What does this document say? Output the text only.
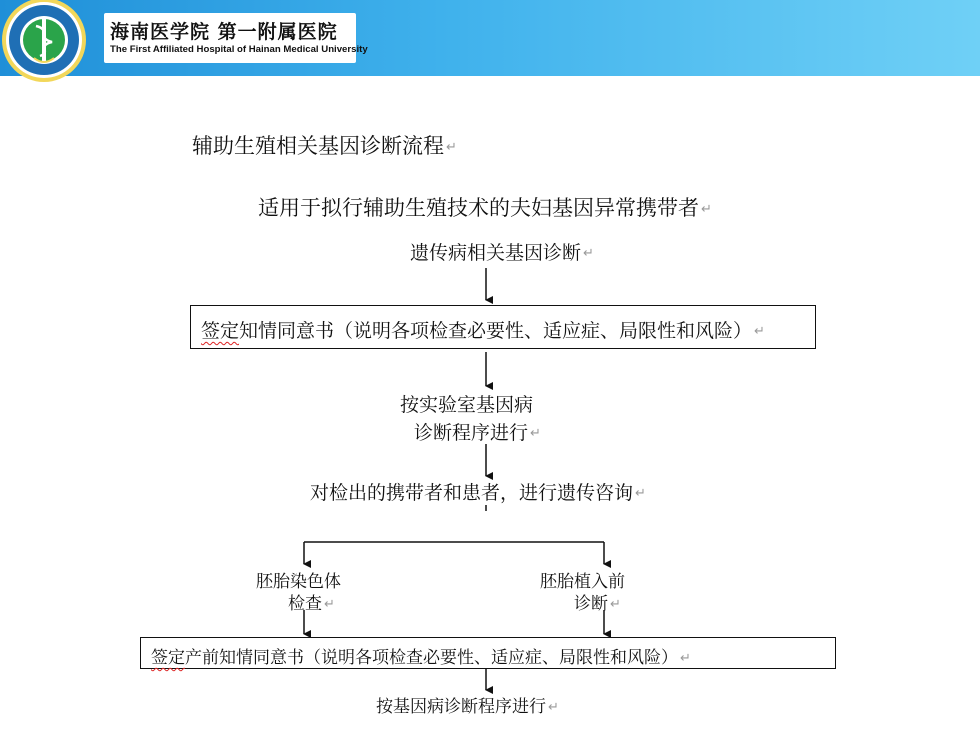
海南医学院 第一附属医院
The First Affiliated Hospital of Hainan Medical University
辅助生殖相关基因诊断流程 ↵
适用于拟行辅助生殖技术的夫妇基因异常携带者 ↵
遗传病相关基因诊断 ↵
签定知情同意书（说明各项检查必要性、适应症、局限性和风险） ↵
按实验室基因病
诊断程序进行 ↵
对检出的携带者和患者，进行遗传咨询 ↵
胚胎染色体
检查 ↵
胚胎植入前
诊断 ↵
签定产前知情同意书（说明各项检查必要性、适应症、局限性和风险） ↵
按基因病诊断程序进行 ↵
